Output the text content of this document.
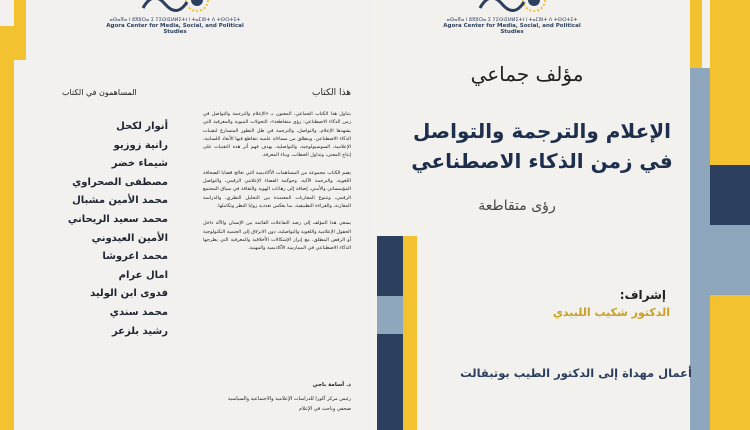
ⴰⵙⴰⴳⴰ ⵏ ⵓⴳⵓⵔⴰ ⵉ ⵢⵉⵙⵏⵉⵍⵍⵉⵜⵏ ⵏ ⵜⴰⵎⵓⵏⵜ ⴷ ⵜⵙⵔⵜⵉⵜ
Agora Center for Media, Social, and Political Studies
المساهمون في الكتاب
أنوار لكحل
رانية زوزيو
شيماء خضر
مصطفى الصحراوي
محمد الأمين مشبال
محمد سعيد الريحاني
الأمين العيدوني
محمد اعروشا
امال عرام
فدوى ابن الوليد
محمد سندي
رشيد بلزعر
هذا الكتاب

يتناول هذا الكتاب الجماعي، المعنون بـ «الإعلام والترجمة والتواصل في زمن الذكاء الاصطناعي: رؤى متقاطعة»، التحولات البنيوية والمعرفية التي يشهدها الإعلام، والتواصل، والترجمة في ظل التطور المتسارع لتقنيات الذكاء الاصطناعي. وينطلق من مساءلة علمية تتقاطع فيها الأبعاد اللسانية، الإعلامية، السوسيولوجية، والتواصلية، بهدف فهم أثر هذه التقنيات على إنتاج المعنى، وتداول الخطاب، وبناء المعرفة.

يضم الكتاب مجموعة من المساهمات الأكاديمية التي تعالج قضايا الصحافة اللغوية، والترجمة الآلية، وحوكمة الفضاء الإعلامي الرقمي، والتواصل المؤسساتي والأمني، إضافة إلى رهانات الهوية والثقافة في سياق المجتمع الرقمي، وتتنوع المقاربات المعتمدة بين التحليل النظري، والدراسة المقارنة، والقراءة التطبيقية، بما يعكس تعددية زوايا النظر وتكاملها.

يسعى هذا المؤلف إلى رصد التفاعلات القائمة بين الإنسان والآلة داخل الحقول الإعلامية واللغوية والتواصلية، دون الانزلاق إلى الحتمية التكنولوجية أو الرفض المطلق، مع إبراز الإشكالات الأخلاقية والمعرفية التي يطرحها الذكاء الاصطناعي في الممارسة الأكاديمية والمهنية.

ذ. أسامة باجي
رئيس مركز أكورا للدراسات الإعلامية والاجتماعية والسياسية
صحفي وباحث في الإعلام
ⴰⵙⴰⴳⴰ ⵏ ⵓⴳⵓⵔⴰ ⵉ ⵢⵉⵙⵏⵉⵍⵍⵉⵜⵏ ⵏ ⵜⴰⵎⵓⵏⵜ ⴷ ⵜⵙⵔⵜⵉⵜ
Agora Center for Media, Social, and Political Studies
مؤلف جماعي
الإعلام والترجمة والتواصل
في زمن الذكاء الاصطناعي
رؤى متقاطعة
إشراف:
الدكتور شكيب اللبيدي
أعمال مهداة إلى الدكتور الطيب بوتبقالت
